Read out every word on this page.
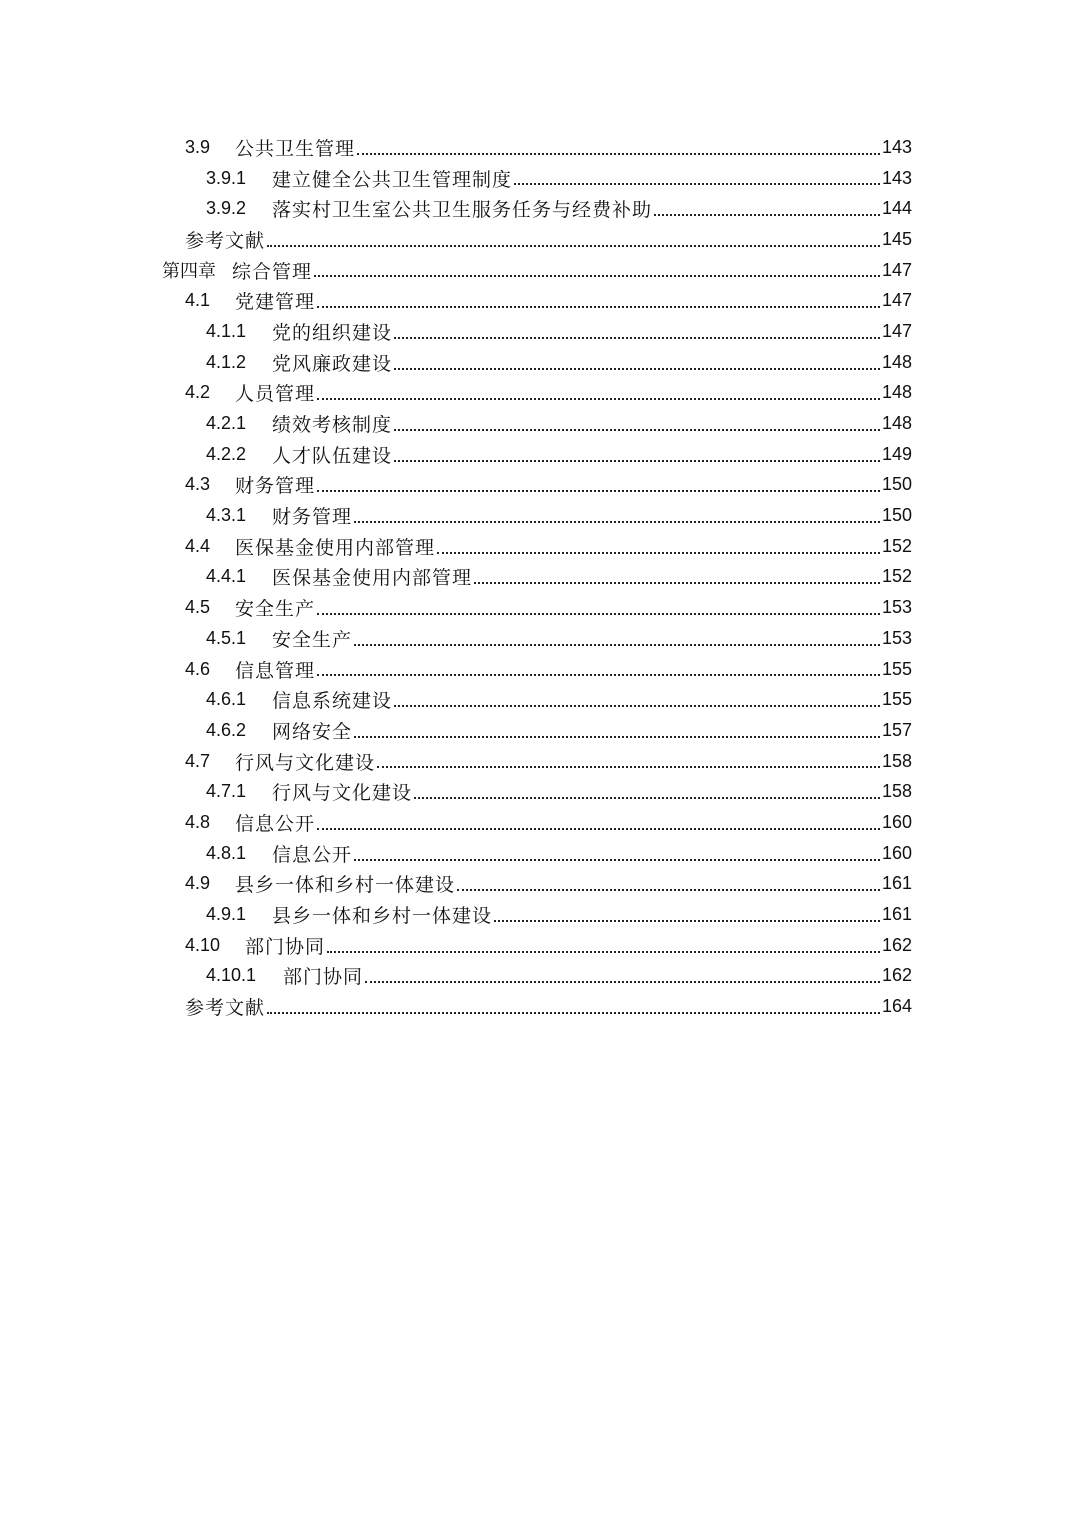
3.9	公共卫生管理	143
3.9.1	建立健全公共卫生管理制度	143
3.9.2	落实村卫生室公共卫生服务任务与经费补助	144
参考文献	145
第四章 综合管理	147
4.1	党建管理	147
4.1.1	党的组织建设	147
4.1.2	党风廉政建设	148
4.2	人员管理	148
4.2.1	绩效考核制度	148
4.2.2	人才队伍建设	149
4.3	财务管理	150
4.3.1	财务管理	150
4.4	医保基金使用内部管理	152
4.4.1	医保基金使用内部管理	152
4.5	安全生产	153
4.5.1	安全生产	153
4.6	信息管理	155
4.6.1	信息系统建设	155
4.6.2	网络安全	157
4.7	行风与文化建设	158
4.7.1	行风与文化建设	158
4.8	信息公开	160
4.8.1	信息公开	160
4.9	县乡一体和乡村一体建设	161
4.9.1	县乡一体和乡村一体建设	161
4.10	部门协同	162
4.10.1	部门协同	162
参考文献	164
